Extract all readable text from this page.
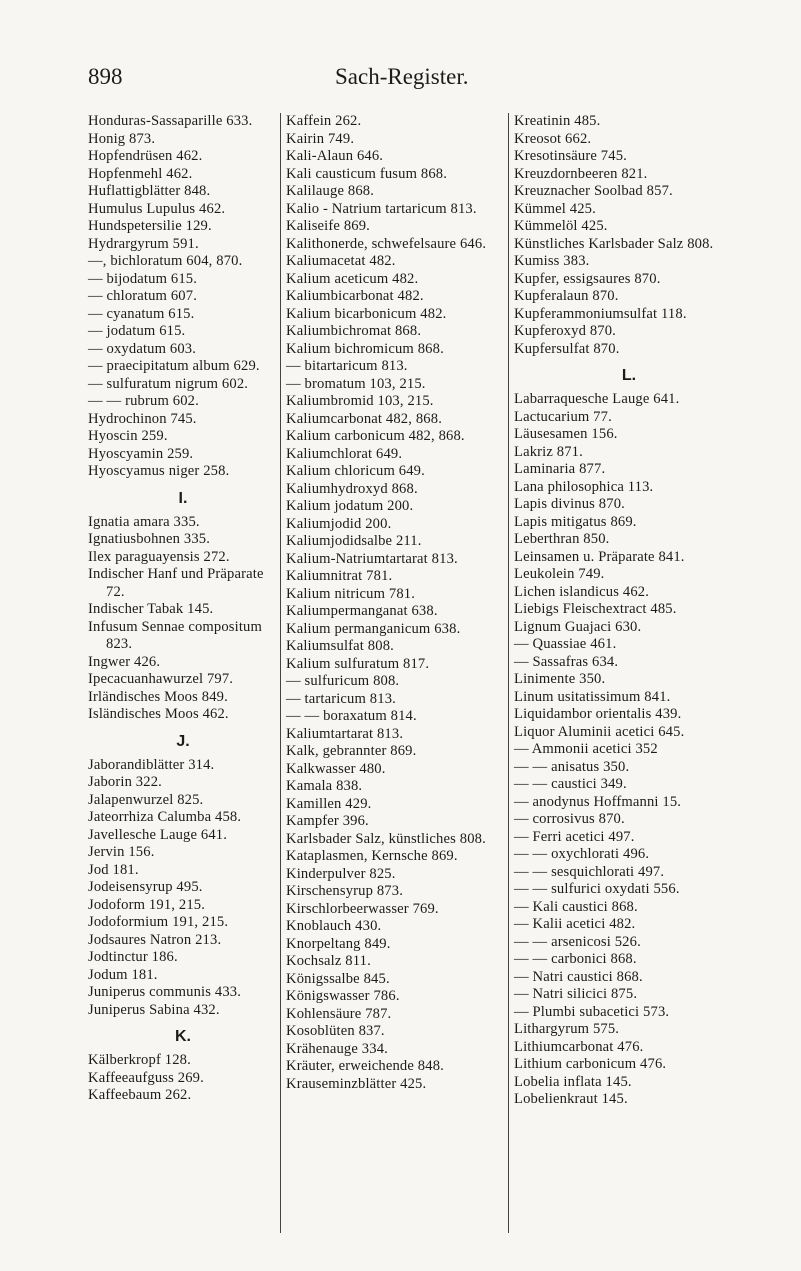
898	Sach-Register.
Honduras-Sassaparille 633.
Honig 873.
Hopfendrüsen 462.
Hopfenmehl 462.
Huflattigblätter 848.
Humulus Lupulus 462.
Hundspetersilie 129.
Hydrargyrum 591.
—, bichloratum 604, 870.
— bijodatum 615.
— chloratum 607.
— cyanatum 615.
— jodatum 615.
— oxydatum 603.
— praecipitatum album 629.
— sulfuratum nigrum 602.
— — rubrum 602.
Hydrochinon 745.
Hyoscin 259.
Hyoscyamin 259.
Hyoscyamus niger 258.
I.
Ignatia amara 335.
Ignatiusbohnen 335.
Ilex paraguayensis 272.
Indischer Hanf und Präparate 72.
Indischer Tabak 145.
Infusum Sennae compositum 823.
Ingwer 426.
Ipecacuanhawurzel 797.
Irländisches Moos 849.
Isländisches Moos 462.
J.
Jaborandiblätter 314.
Jaborin 322.
Jalapenwurzel 825.
Jateorrhiza Calumba 458.
Javellesche Lauge 641.
Jervin 156.
Jod 181.
Jodeisensyrup 495.
Jodoform 191, 215.
Jodoformium 191, 215.
Jodsaures Natron 213.
Jodtinctur 186.
Jodum 181.
Juniperus communis 433.
Juniperus Sabina 432.
K.
Kälberkropf 128.
Kaffeeaufguss 269.
Kaffeebaum 262.
Kaffein 262.
Kairin 749.
Kali-Alaun 646.
Kali causticum fusum 868.
Kalilauge 868.
Kalio - Natrium tartaricum 813.
Kaliseife 869.
Kalithonerde, schwefelsaure 646.
Kaliumacetat 482.
Kalium aceticum 482.
Kaliumbicarbonat 482.
Kalium bicarbonicum 482.
Kaliumbichromat 868.
Kalium bichromicum 868.
— bitartaricum 813.
— bromatum 103, 215.
Kaliumbromid 103, 215.
Kaliumcarbonat 482, 868.
Kalium carbonicum 482, 868.
Kaliumchlorat 649.
Kalium chloricum 649.
Kaliumhydroxyd 868.
Kalium jodatum 200.
Kaliumjodid 200.
Kaliumjodidsalbe 211.
Kalium-Natriumtartarat 813.
Kaliumnitrat 781.
Kalium nitricum 781.
Kaliumpermanganat 638.
Kalium permanganicum 638.
Kaliumsulfat 808.
Kalium sulfuratum 817.
— sulfuricum 808.
— tartaricum 813.
— — boraxatum 814.
Kaliumtartarat 813.
Kalk, gebrannter 869.
Kalkwasser 480.
Kamala 838.
Kamillen 429.
Kampfer 396.
Karlsbader Salz, künstliches 808.
Kataplasmen, Kernsche 869.
Kinderpulver 825.
Kirschensyrup 873.
Kirschlorbeerwasser 769.
Knoblauch 430.
Knorpeltang 849.
Kochsalz 811.
Königssalbe 845.
Königswasser 786.
Kohlensäure 787.
Kosoblüten 837.
Krähenauge 334.
Kräuter, erweichende 848.
Krauseminzblätter 425.
Kreatinin 485.
Kreosot 662.
Kresotinsäure 745.
Kreuzdornbeeren 821.
Kreuznacher Soolbad 857.
Kümmel 425.
Kümmelöl 425.
Künstliches Karlsbader Salz 808.
Kumiss 383.
Kupfer, essigsaures 870.
Kupferalaun 870.
Kupferammoniumsulfat 118.
Kupferoxyd 870.
Kupfersulfat 870.
L.
Labarraquesche Lauge 641.
Lactucarium 77.
Läusesamen 156.
Lakriz 871.
Laminaria 877.
Lana philosophica 113.
Lapis divinus 870.
Lapis mitigatus 869.
Leberthran 850.
Leinsamen u. Präparate 841.
Leukolein 749.
Lichen islandicus 462.
Liebigs Fleischextract 485.
Lignum Guajaci 630.
— Quassiae 461.
— Sassafras 634.
Linimente 350.
Linum usitatissimum 841.
Liquidambor orientalis 439.
Liquor Aluminii acetici 645.
— Ammonii acetici 352
— — anisatus 350.
— — caustici 349.
— anodynus Hoffmanni 15.
— corrosivus 870.
— Ferri acetici 497.
— — oxychlorati 496.
— — sesquichlorati 497.
— — sulfurici oxydati 556.
— Kali caustici 868.
— Kalii acetici 482.
— — arsenicosi 526.
— — carbonici 868.
— Natri caustici 868.
— Natri silicici 875.
— Plumbi subacetici 573.
Lithargyrum 575.
Lithiumcarbonat 476.
Lithium carbonicum 476.
Lobelia inflata 145.
Lobelienkraut 145.
